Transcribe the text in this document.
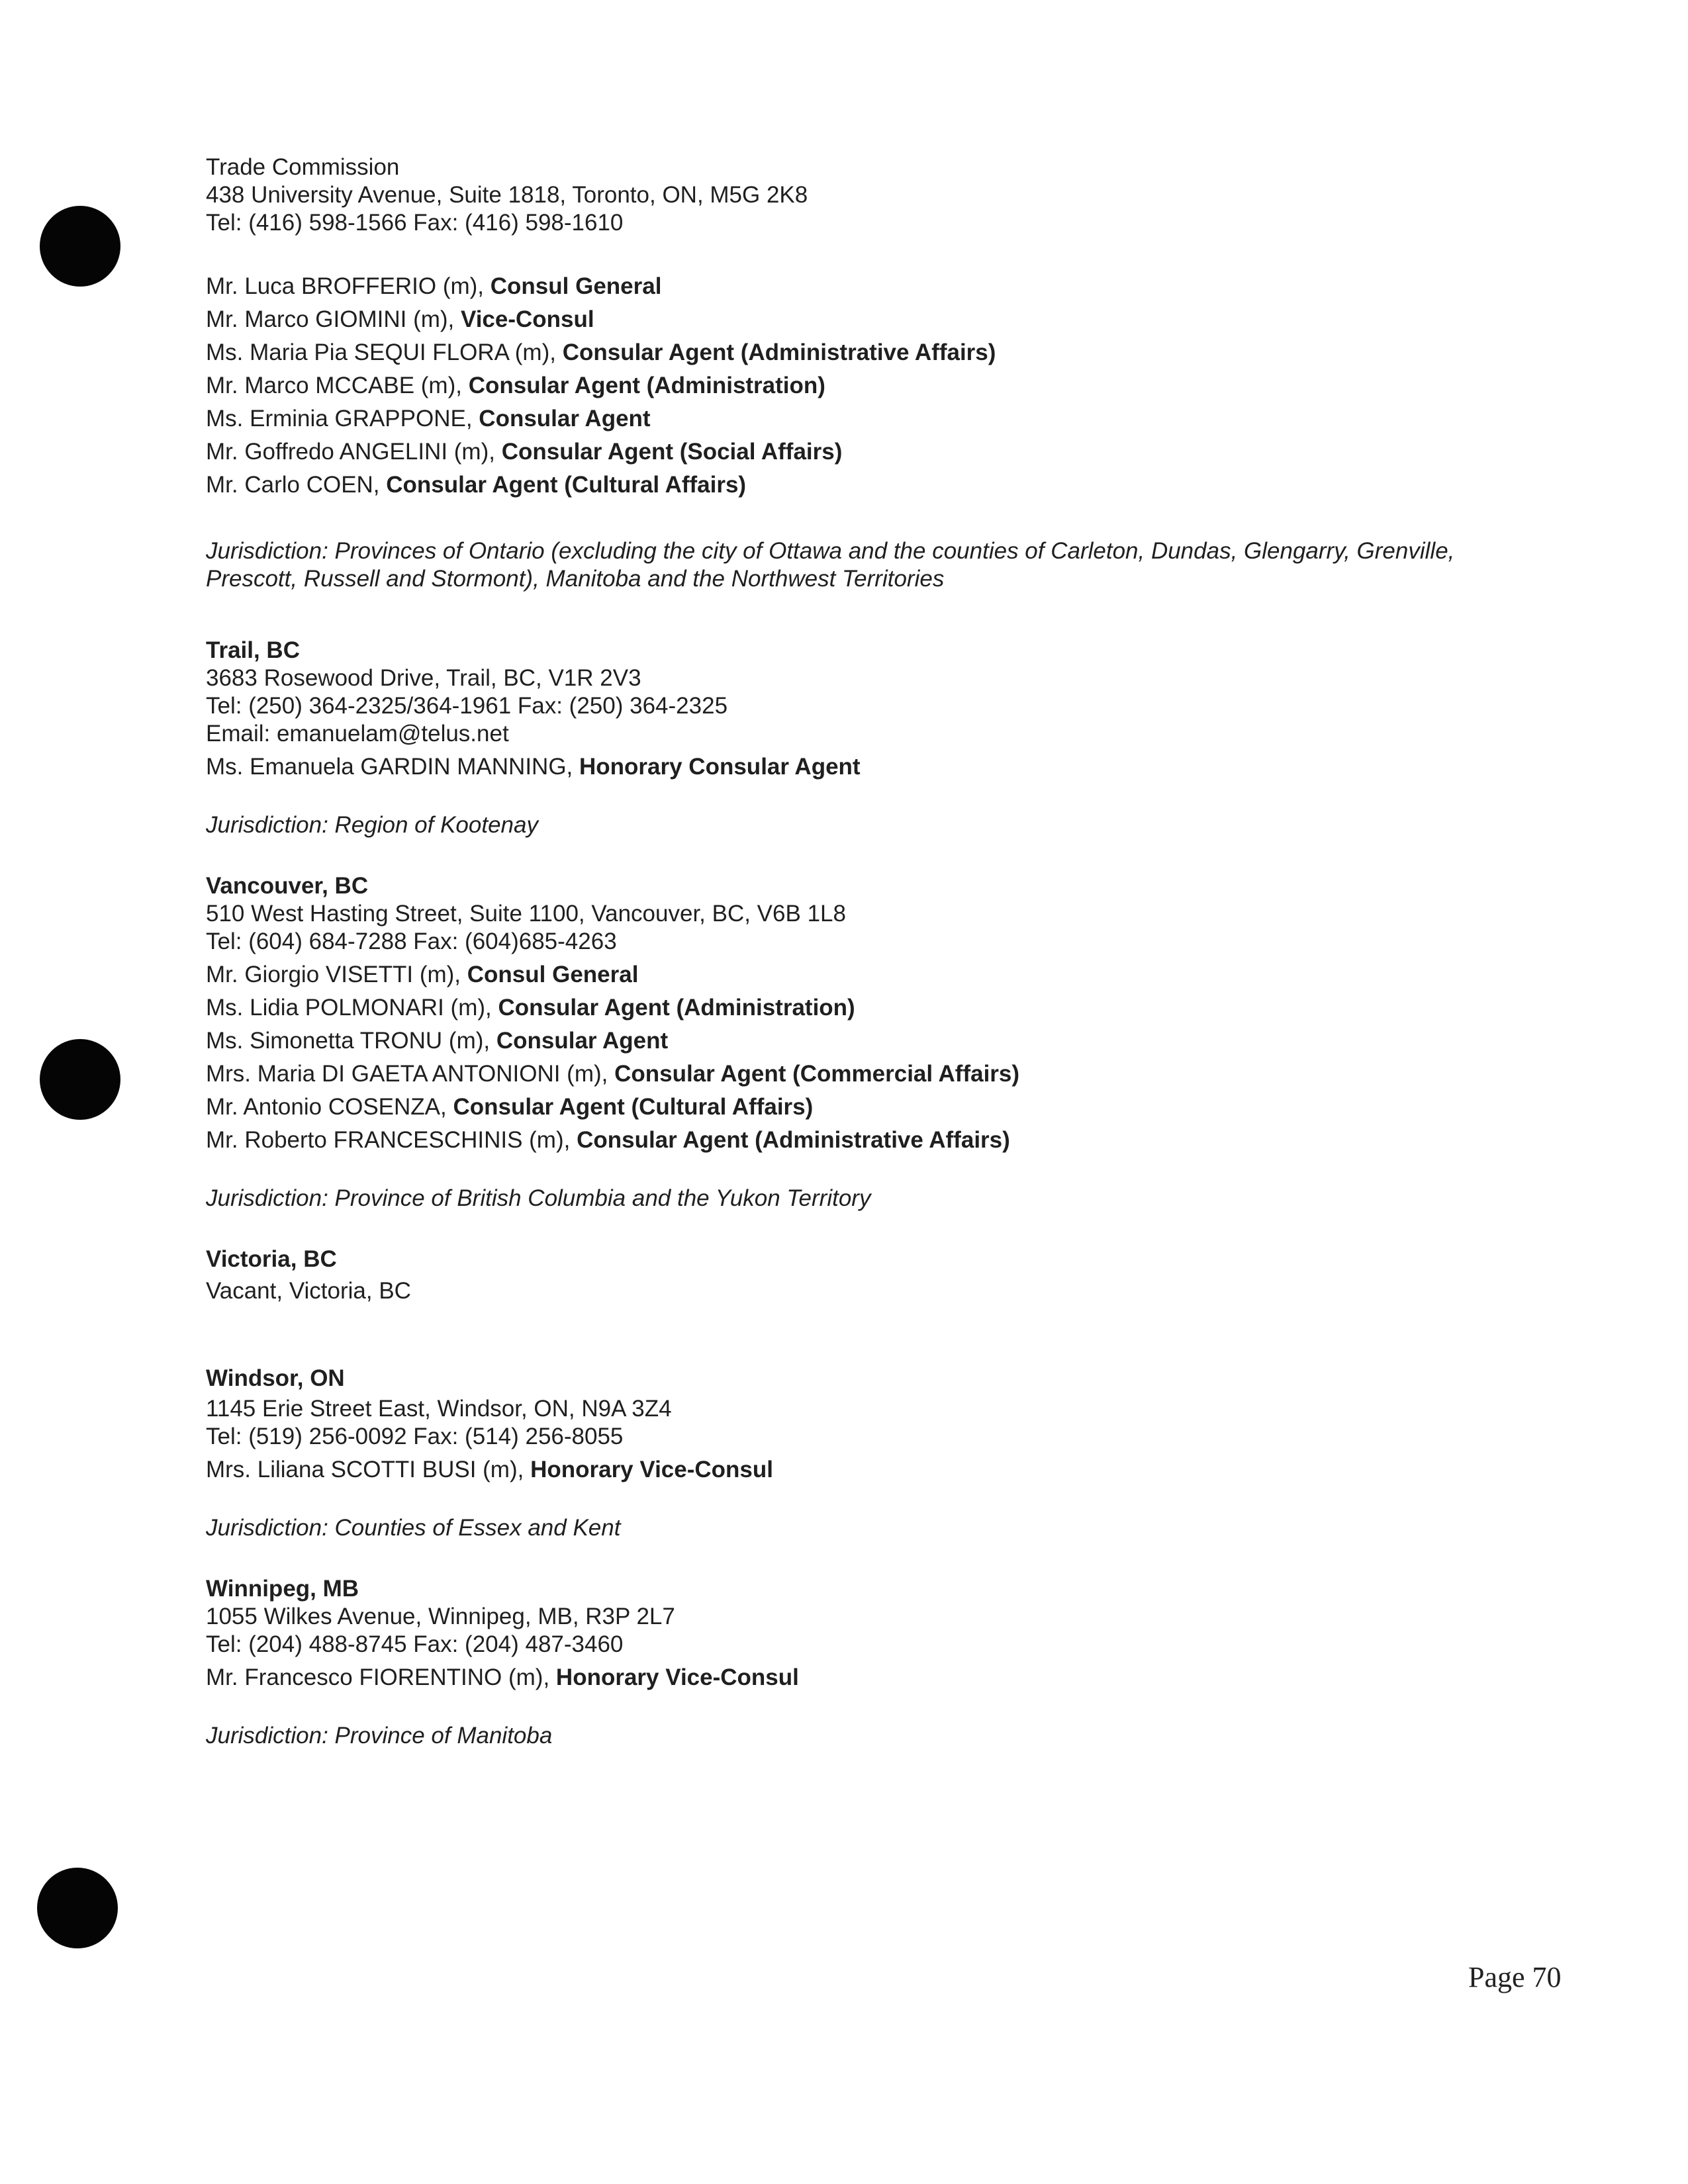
Trade Commission
438 University Avenue, Suite 1818, Toronto, ON, M5G 2K8
Tel: (416) 598-1566 Fax: (416) 598-1610
Mr. Luca BROFFERIO (m), Consul General
Mr. Marco GIOMINI (m), Vice-Consul
Ms. Maria Pia SEQUI FLORA (m), Consular Agent (Administrative Affairs)
Mr. Marco MCCABE (m), Consular Agent (Administration)
Ms. Erminia GRAPPONE, Consular Agent
Mr. Goffredo ANGELINI (m), Consular Agent (Social Affairs)
Mr. Carlo COEN, Consular Agent (Cultural Affairs)
Jurisdiction: Provinces of Ontario (excluding the city of Ottawa and the counties of Carleton, Dundas, Glengarry, Grenville, Prescott, Russell and Stormont), Manitoba and the Northwest Territories
Trail, BC
3683 Rosewood Drive, Trail, BC, V1R 2V3
Tel: (250) 364-2325/364-1961 Fax: (250) 364-2325
Email: emanuelam@telus.net
Ms. Emanuela GARDIN MANNING, Honorary Consular Agent
Jurisdiction: Region of Kootenay
Vancouver, BC
510 West Hasting Street, Suite 1100, Vancouver, BC, V6B 1L8
Tel: (604) 684-7288 Fax: (604)685-4263
Mr. Giorgio VISETTI (m), Consul General
Ms. Lidia POLMONARI (m), Consular Agent (Administration)
Ms. Simonetta TRONU (m), Consular Agent
Mrs. Maria DI GAETA ANTONIONI (m), Consular Agent (Commercial Affairs)
Mr. Antonio COSENZA, Consular Agent (Cultural Affairs)
Mr. Roberto FRANCESCHINIS (m), Consular Agent (Administrative Affairs)
Jurisdiction: Province of British Columbia and the Yukon Territory
Victoria, BC
Vacant, Victoria, BC
Windsor, ON
1145 Erie Street East, Windsor, ON, N9A 3Z4
Tel: (519) 256-0092 Fax: (514) 256-8055
Mrs. Liliana SCOTTI BUSI (m), Honorary Vice-Consul
Jurisdiction: Counties of Essex and Kent
Winnipeg, MB
1055 Wilkes Avenue, Winnipeg, MB, R3P 2L7
Tel: (204) 488-8745 Fax: (204) 487-3460
Mr. Francesco FIORENTINO (m), Honorary Vice-Consul
Jurisdiction: Province of Manitoba
Page 70
